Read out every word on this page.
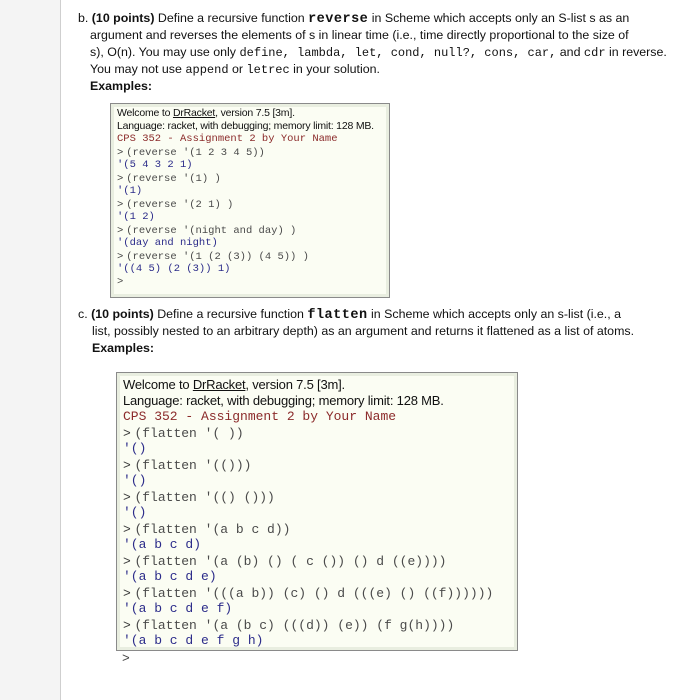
b. (10 points) Define a recursive function reverse in Scheme which accepts only an S-list s as an
argument and reverses the elements of s in linear time (i.e., time directly proportional to the size of
s), O(n). You may use only define, lambda, let, cond, null?, cons, car, and cdr in reverse.
You may not use append or letrec in your solution.
Examples:
Welcome to DrRacket, version 7.5 [3m].
Language: racket, with debugging; memory limit: 128 MB.
CPS 352 - Assignment 2 by Your Name
> (reverse '(1 2 3 4 5))
'(5 4 3 2 1)
> (reverse '(1) )
'(1)
> (reverse '(2 1) )
'(1 2)
> (reverse '(night and day) )
'(day and night)
> (reverse '(1 (2 (3)) (4 5)) )
'((4 5) (2 (3)) 1)
>
c. (10 points) Define a recursive function flatten in Scheme which accepts only an s-list (i.e., a
list, possibly nested to an arbitrary depth) as an argument and returns it flattened as a list of atoms.
Examples:
Welcome to DrRacket, version 7.5 [3m].
Language: racket, with debugging; memory limit: 128 MB.
CPS 352 - Assignment 2 by Your Name
> (flatten '( ))
'()
> (flatten '(()))
'()
> (flatten '(() ()))
'()
> (flatten '(a b c d))
'(a b c d)
> (flatten '(a (b) () ( c ()) () d ((e))))
'(a b c d e)
> (flatten '(((a b)) (c) () d (((e) () ((f))))))
'(a b c d e f)
> (flatten '(a (b c) (((d)) (e)) (f g(h))))
'(a b c d e f g h)
>
